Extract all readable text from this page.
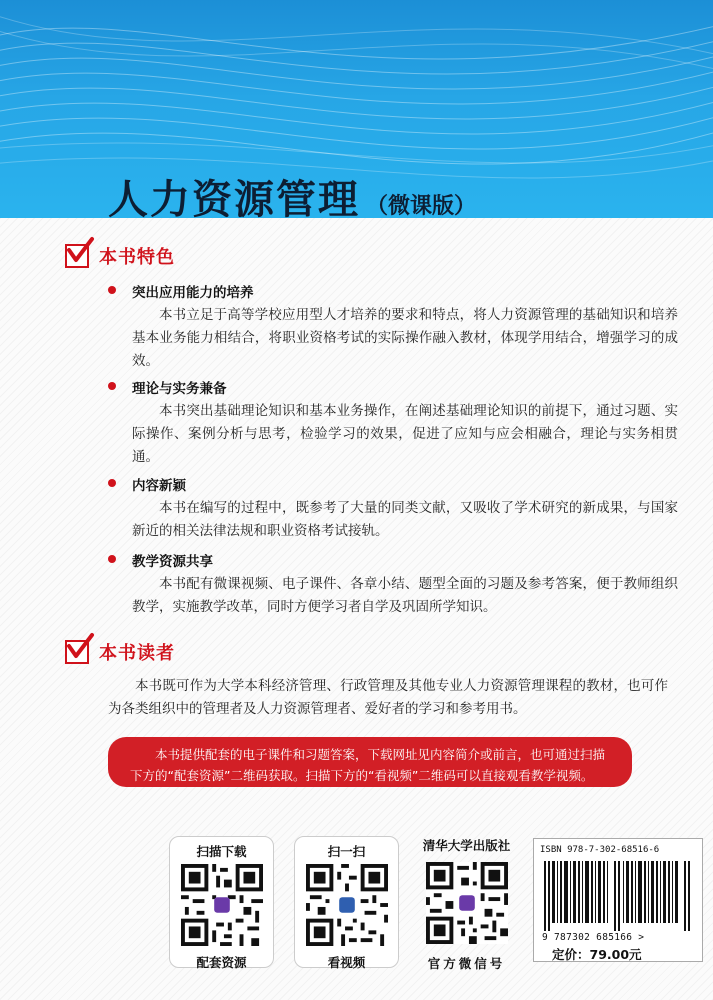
人力资源管理 （微课版）
本书特色
突出应用能力的培养
本书立足于高等学校应用型人才培养的要求和特点，将人力资源管理的基础知识和培养基本业务能力相结合，将职业资格考试的实际操作融入教材，体现学用结合，增强学习的成效。
理论与实务兼备
本书突出基础理论知识和基本业务操作，在阐述基础理论知识的前提下，通过习题、实际操作、案例分析与思考，检验学习的效果，促进了应知与应会相融合，理论与实务相贯通。
内容新颖
本书在编写的过程中，既参考了大量的同类文献，又吸收了学术研究的新成果，与国家新近的相关法律法规和职业资格考试接轨。
教学资源共享
本书配有微课视频、电子课件、各章小结、题型全面的习题及参考答案，便于教师组织教学，实施教学改革，同时方便学习者自学及巩固所学知识。
本书读者
本书既可作为大学本科经济管理、行政管理及其他专业人力资源管理课程的教材，也可作为各类组织中的管理者及人力资源管理者、爱好者的学习和参考用书。
本书提供配套的电子课件和习题答案，下载网址见内容简介或前言，也可通过扫描下方的“配套资源”二维码获取。扫描下方的“看视频”二维码可以直接观看教学视频。
扫描下载
配套资源
扫一扫
看视频
清华大学出版社
官方微信号
ISBN 978-7-302-68516-6
9 787302 685166 >
定价：79.00元
